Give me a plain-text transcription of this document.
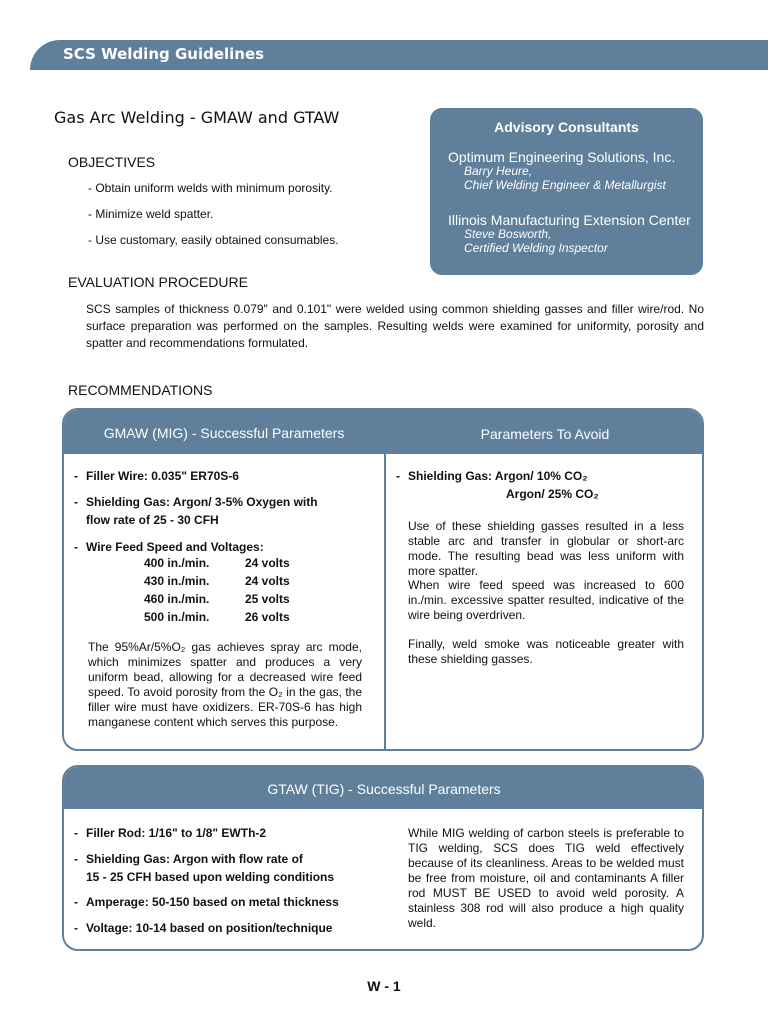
SCS Welding Guidelines
Gas Arc Welding - GMAW and GTAW	Advisory Consultants
Optimum Engineering Solutions, Inc.
Barry Heure,
Chief Welding Engineer & Metallurgist
Illinois Manufacturing Extension Center
Steve Bosworth,
Certified Welding Inspector
OBJECTIVES
- Obtain uniform welds with minimum porosity.
- Minimize weld spatter.
- Use customary, easily obtained consumables.
EVALUATION PROCEDURE
SCS samples of thickness 0.079" and 0.101" were welded using common shielding gasses and filler wire/rod. No surface preparation was performed on the samples. Resulting welds were examined for uniformity, porosity and spatter and recommendations formulated.
RECOMMENDATIONS
GMAW (MIG) - Successful Parameters	Parameters To Avoid
- Filler Wire: 0.035" ER70S-6
- Shielding Gas: Argon/ 3-5% Oxygen with
flow rate of 25 - 30 CFH
- Wire Feed Speed and Voltages:
400 in./min.	24 volts
430 in./min.	24 volts
460 in./min.	25 volts
500 in./min.	26 volts
The 95%Ar/5%O₂ gas achieves spray arc mode, which minimizes spatter and produces a very uniform bead, allowing for a decreased wire feed speed. To avoid porosity from the O₂ in the gas, the filler wire must have oxidizers. ER-70S-6 has high manganese content which serves this purpose.
- Shielding Gas: Argon/ 10% CO₂
Argon/ 25% CO₂
Use of these shielding gasses resulted in a less stable arc and transfer in globular or short-arc mode. The resulting bead was less uniform with more spatter.
When wire feed speed was increased to 600 in./min. excessive spatter resulted, indicative of the wire being overdriven.
Finally, weld smoke was noticeable greater with these shielding gasses.
GTAW (TIG) - Successful Parameters
- Filler Rod: 1/16" to 1/8" EWTh-2
- Shielding Gas: Argon with flow rate of
15 - 25 CFH based upon welding conditions
- Amperage: 50-150 based on metal thickness
- Voltage: 10-14 based on position/technique
While MIG welding of carbon steels is preferable to TIG welding, SCS does TIG weld effectively because of its cleanliness. Areas to be welded must be free from moisture, oil and contaminants A filler rod MUST BE USED to avoid weld porosity. A stainless 308 rod will also produce a high quality weld.
W - 1
